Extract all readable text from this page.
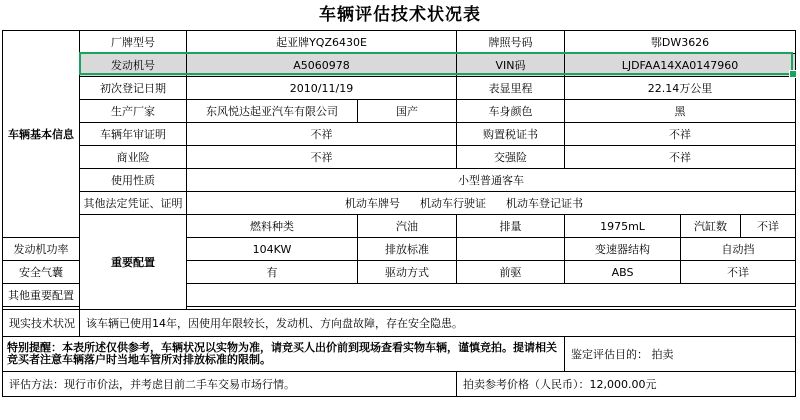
车辆评估技术状况表
车辆基本信息	厂牌型号	起亚牌YQZ6430E		牌照号码	鄂DW3626		
	发动机号	A5060978		VIN码	LJDFAA14XA0147960		
	初次登记日期	2010/11/19		表显里程	22.14万公里		
	生产厂家	东风悦达起亚汽车有限公司	国产	车身颜色	黑		
	车辆年审证明	不祥		购置税证书	不祥		
	商业险	不祥		交强险	不祥		
	使用性质	小型普通客车					
	其他法定凭证、证明	机动车牌号 机动车行驶证 机动车登记证书					

	重要配置	燃料种类	汽油	排量	1975mL	汽缸数	不详
发动机功率		104KW	排放标准		变速器结构	自动挡	
安全气囊		有	驱动方式	前驱	ABS	不详	
其他重要配置							

现实技术状况	该车辆已使用14年，因使用年限较长，发动机、方向盘故障，存在安全隐患。						
特别提醒：本表所述仅供参考，车辆状况以实物为准，请竞买人出价前到现场查看实物车辆，谨慎竞拍。提请相关竞买者注意车辆落户时当地车管所对排放标准的限制。					鉴定评估目的： 拍卖		
评估方法：现行市价法，并考虑目前二手车交易市场行情。				拍卖参考价格（人民币）：12,000.00元			
